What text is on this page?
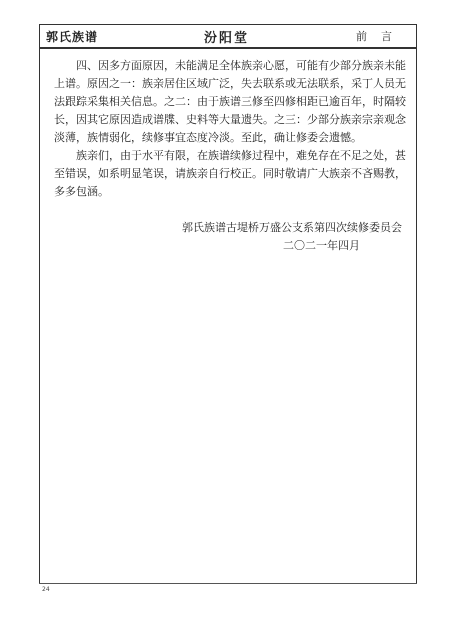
郭氏族谱	汾阳堂	前言

四、因多方面原因，未能满足全体族亲心愿，可能有少部分族亲未能上谱。原因之一：族亲居住区域广泛，失去联系或无法联系，采丁人员无法跟踪采集相关信息。之二：由于族谱三修至四修相距已逾百年，时隔较长，因其它原因造成谱牒、史料等大量遗失。之三：少部分族亲宗亲观念淡薄，族情弱化，续修事宜态度冷淡。至此，确让修委会遗憾。

族亲们，由于水平有限，在族谱续修过程中，难免存在不足之处，甚至错误，如系明显笔误，请族亲自行校正。同时敬请广大族亲不吝赐教，多多包涵。

郭氏族谱古堤桥万盛公支系第四次续修委员会
二〇二一年四月
24
